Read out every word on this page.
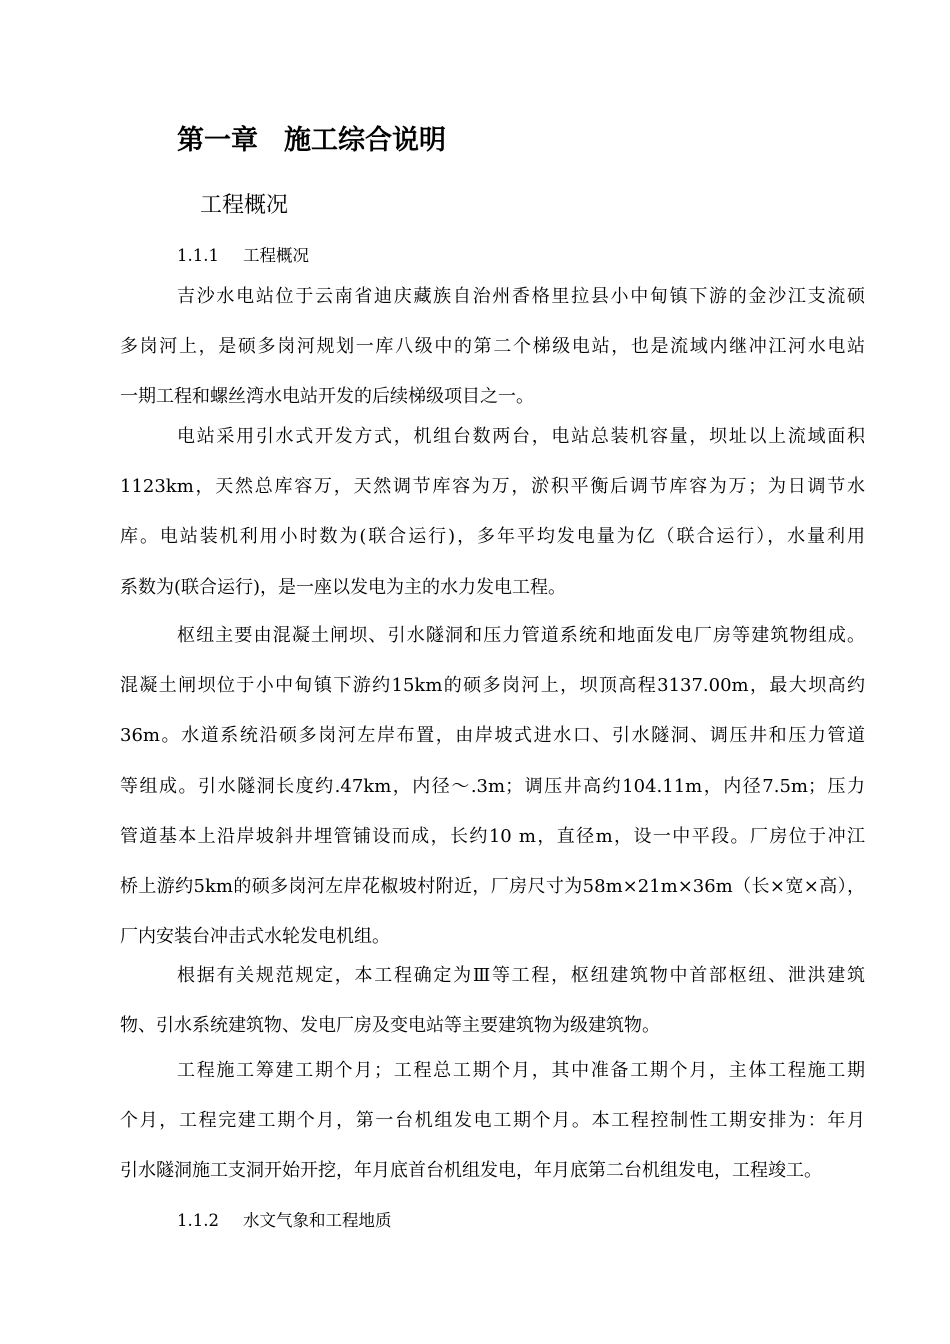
第一章 施工综合说明
工程概况
1.1.1 工程概况
吉沙水电站位于云南省迪庆藏族自治州香格里拉县小中甸镇下游的金沙江支流硕
多岗河上，是硕多岗河规划一库八级中的第二个梯级电站，也是流域内继冲江河水电站
一期工程和螺丝湾水电站开发的后续梯级项目之一。
电站采用引水式开发方式，机组台数两台，电站总装机容量，坝址以上流域面积
1123km，天然总库容万，天然调节库容为万，淤积平衡后调节库容为万；为日调节水
库。电站装机利用小时数为(联合运行)，多年平均发电量为亿（联合运行），水量利用
系数为(联合运行)，是一座以发电为主的水力发电工程。
枢纽主要由混凝土闸坝、引水隧洞和压力管道系统和地面发电厂房等建筑物组成。
混凝土闸坝位于小中甸镇下游约15km的硕多岗河上，坝顶高程3137.00m，最大坝高约
36m。水道系统沿硕多岗河左岸布置，由岸坡式进水口、引水隧洞、调压井和压力管道
等组成。引水隧洞长度约.47km，内径～.3m；调压井高约104.11m，内径7.5m；压力
管道基本上沿岸坡斜井埋管铺设而成，长约10 m，直径m，设一中平段。厂房位于冲江
桥上游约5km的硕多岗河左岸花椒坡村附近，厂房尺寸为58m×21m×36m（长×宽×高），
厂内安装台冲击式水轮发电机组。
根据有关规范规定，本工程确定为Ⅲ等工程，枢纽建筑物中首部枢纽、泄洪建筑
物、引水系统建筑物、发电厂房及变电站等主要建筑物为级建筑物。
工程施工筹建工期个月；工程总工期个月，其中准备工期个月，主体工程施工期
个月，工程完建工期个月，第一台机组发电工期个月。本工程控制性工期安排为：年月
引水隧洞施工支洞开始开挖，年月底首台机组发电，年月底第二台机组发电，工程竣工。
1.1.2 水文气象和工程地质
